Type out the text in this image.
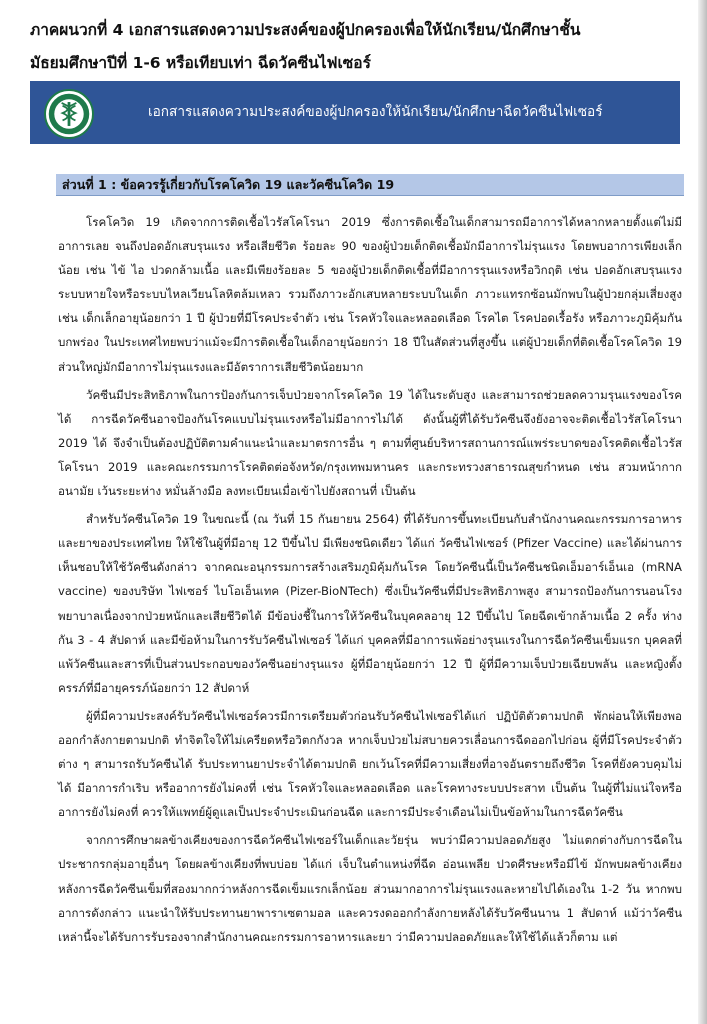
ภาคผนวกที่ 4 เอกสารแสดงความประสงค์ของผู้ปกครองเพื่อให้นักเรียน/นักศึกษาชั้น
มัธยมศึกษาปีที่ 1-6 หรือเทียบเท่า ฉีดวัคซีนไฟเซอร์
เอกสารแสดงความประสงค์ของผู้ปกครองให้นักเรียน/นักศึกษาฉีดวัคซีนไฟเซอร์
ส่วนที่ 1 : ข้อควรรู้เกี่ยวกับโรคโควิด 19 และวัคซีนโควิด 19

โรคโควิด 19 เกิดจากการติดเชื้อไวรัสโคโรนา 2019 ซึ่งการติดเชื้อในเด็กสามารถมีอาการได้หลากหลายตั้งแต่ไม่มีอาการเลย จนถึงปอดอักเสบรุนแรง หรือเสียชีวิต ร้อยละ 90 ของผู้ป่วยเด็กติดเชื้อมักมีอาการไม่รุนแรง โดยพบอาการเพียงเล็กน้อย เช่น ไข้ ไอ ปวดกล้ามเนื้อ และมีเพียงร้อยละ 5 ของผู้ป่วยเด็กติดเชื้อที่มีอาการรุนแรงหรือวิกฤติ เช่น ปอดอักเสบรุนแรง ระบบหายใจหรือระบบไหลเวียนโลหิตล้มเหลว รวมถึงภาวะอักเสบหลายระบบในเด็ก ภาวะแทรกซ้อนมักพบในผู้ป่วยกลุ่มเสี่ยงสูง เช่น เด็กเล็กอายุน้อยกว่า 1 ปี ผู้ป่วยที่มีโรคประจำตัว เช่น โรคหัวใจและหลอดเลือด โรคไต โรคปอดเรื้อรัง หรือภาวะภูมิคุ้มกันบกพร่อง ในประเทศไทยพบว่าแม้จะมีการติดเชื้อในเด็กอายุน้อยกว่า 18 ปีในสัดส่วนที่สูงขึ้น แต่ผู้ป่วยเด็กที่ติดเชื้อโรคโควิด 19 ส่วนใหญ่มักมีอาการไม่รุนแรงและมีอัตราการเสียชีวิตน้อยมาก

วัคซีนมีประสิทธิภาพในการป้องกันการเจ็บป่วยจากโรคโควิด 19 ได้ในระดับสูง และสามารถช่วยลดความรุนแรงของโรคได้ การฉีดวัคซีนอาจป้องกันโรคแบบไม่รุนแรงหรือไม่มีอาการไม่ได้ ดังนั้นผู้ที่ได้รับวัคซีนจึงยังอาจจะติดเชื้อไวรัสโคโรนา 2019 ได้ จึงจำเป็นต้องปฏิบัติตามคำแนะนำและมาตรการอื่น ๆ ตามที่ศูนย์บริหารสถานการณ์แพร่ระบาดของโรคติดเชื้อไวรัสโคโรนา 2019 และคณะกรรมการโรคติดต่อจังหวัด/กรุงเทพมหานคร และกระทรวงสาธารณสุขกำหนด เช่น สวมหน้ากากอนามัย เว้นระยะห่าง หมั่นล้างมือ ลงทะเบียนเมื่อเข้าไปยังสถานที่ เป็นต้น

สำหรับวัคซีนโควิด 19 ในขณะนี้ (ณ วันที่ 15 กันยายน 2564) ที่ได้รับการขึ้นทะเบียนกับสำนักงานคณะกรรมการอาหารและยาของประเทศไทย ให้ใช้ในผู้ที่มีอายุ 12 ปีขึ้นไป มีเพียงชนิดเดียว ได้แก่ วัคซีนไฟเซอร์ (Pfizer Vaccine) และได้ผ่านการเห็นชอบให้ใช้วัคซีนดังกล่าว จากคณะอนุกรรมการสร้างเสริมภูมิคุ้มกันโรค โดยวัคซีนนี้เป็นวัคซีนชนิดเอ็มอาร์เอ็นเอ (mRNA vaccine) ของบริษัท ไฟเซอร์ ไบโอเอ็นเทค (Pizer-BioNTech) ซึ่งเป็นวัคซีนที่มีประสิทธิภาพสูง สามารถป้องกันการนอนโรงพยาบาลเนื่องจากป่วยหนักและเสียชีวิตได้ มีข้อบ่งชี้ในการให้วัคซีนในบุคคลอายุ 12 ปีขึ้นไป โดยฉีดเข้ากล้ามเนื้อ 2 ครั้ง ห่างกัน 3 - 4 สัปดาห์ และมีข้อห้ามในการรับวัคซีนไฟเซอร์ ได้แก่ บุคคลที่มีอาการแพ้อย่างรุนแรงในการฉีดวัคซีนเข็มแรก บุคคลที่แพ้วัคซีนและสารที่เป็นส่วนประกอบของวัคซีนอย่างรุนแรง ผู้ที่มีอายุน้อยกว่า 12 ปี ผู้ที่มีความเจ็บป่วยเฉียบพลัน และหญิงตั้งครรภ์ที่มีอายุครรภ์น้อยกว่า 12 สัปดาห์

ผู้ที่มีความประสงค์รับวัคซีนไฟเซอร์ควรมีการเตรียมตัวก่อนรับวัคซีนไฟเซอร์ได้แก่ ปฏิบัติตัวตามปกติ พักผ่อนให้เพียงพอ ออกกำลังกายตามปกติ ทำจิตใจให้ไม่เครียดหรือวิตกกังวล หากเจ็บป่วยไม่สบายควรเลื่อนการฉีดออกไปก่อน ผู้ที่มีโรคประจำตัวต่าง ๆ สามารถรับวัคซีนได้ รับประทานยาประจำได้ตามปกติ ยกเว้นโรคที่มีความเสี่ยงที่อาจอันตรายถึงชีวิต โรคที่ยังควบคุมไม่ได้ มีอาการกำเริบ หรืออาการยังไม่คงที่ เช่น โรคหัวใจและหลอดเลือด และโรคทางระบบประสาท เป็นต้น ในผู้ที่ไม่แน่ใจหรืออาการยังไม่คงที่ ควรให้แพทย์ผู้ดูแลเป็นประจำประเมินก่อนฉีด และการมีประจำเดือนไม่เป็นข้อห้ามในการฉีดวัคซีน

จากการศึกษาผลข้างเคียงของการฉีดวัคซีนไฟเซอร์ในเด็กและวัยรุ่น พบว่ามีความปลอดภัยสูง ไม่แตกต่างกับการฉีดในประชากรกลุ่มอายุอื่นๆ โดยผลข้างเคียงที่พบบ่อย ได้แก่ เจ็บในตำแหน่งที่ฉีด อ่อนเพลีย ปวดศีรษะหรือมีไข้ มักพบผลข้างเคียงหลังการฉีดวัคซีนเข็มที่สองมากกว่าหลังการฉีดเข็มแรกเล็กน้อย ส่วนมากอาการไม่รุนแรงและหายไปได้เองใน 1-2 วัน หากพบอาการดังกล่าว แนะนำให้รับประทานยาพาราเซตามอล และควรงดออกกำลังกายหลังได้รับวัคซีนนาน 1 สัปดาห์ แม้ว่าวัคซีนเหล่านี้จะได้รับการรับรองจากสำนักงานคณะกรรมการอาหารและยา ว่ามีความปลอดภัยและให้ใช้ได้แล้วก็ตาม แต่
